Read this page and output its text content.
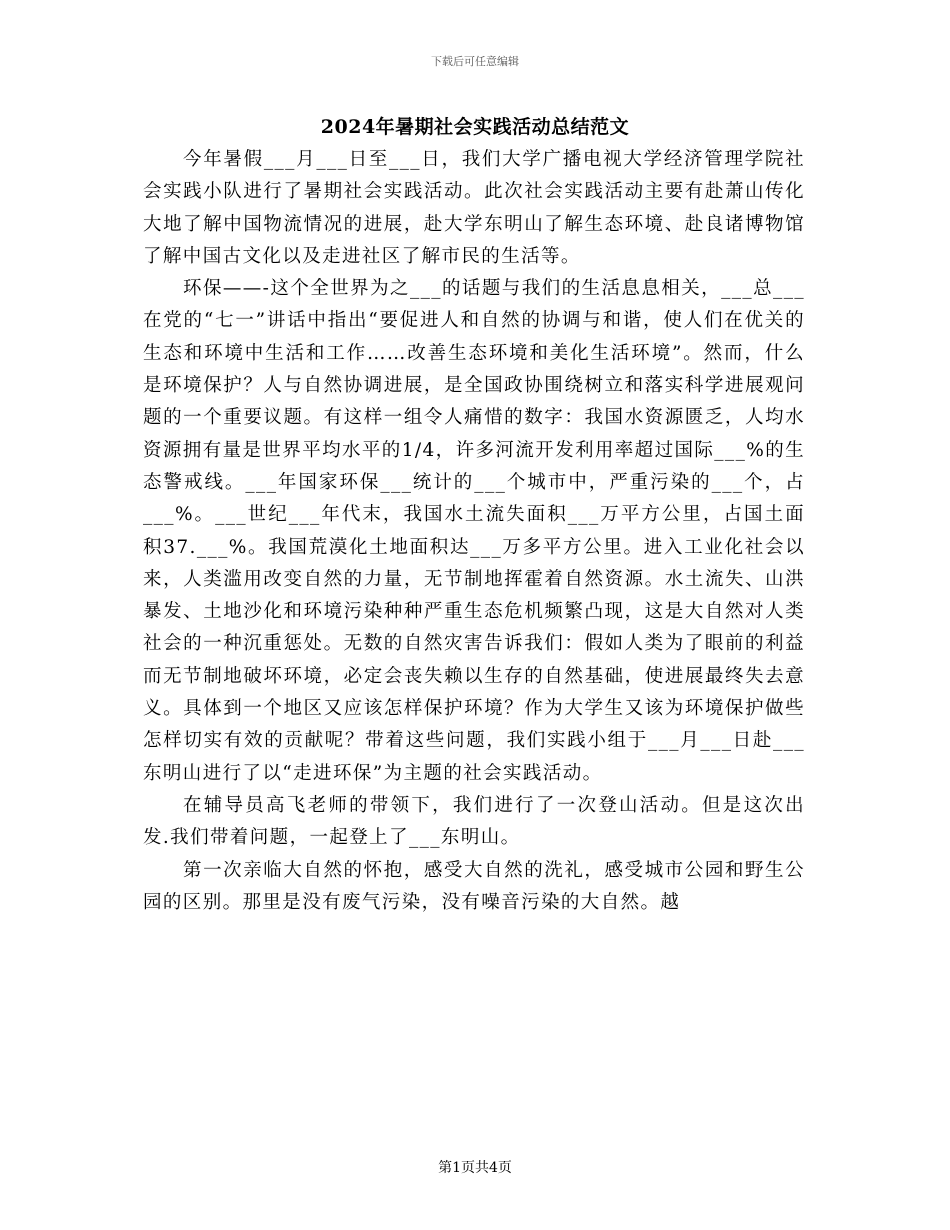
下载后可任意编辑
2024年暑期社会实践活动总结范文

今年暑假___月___日至___日，我们大学广播电视大学经济管理学院社会实践小队进行了暑期社会实践活动。此次社会实践活动主要有赴萧山传化大地了解中国物流情况的进展，赴大学东明山了解生态环境、赴良诸博物馆了解中国古文化以及走进社区了解市民的生活等。

环保——-这个全世界为之___的话题与我们的生活息息相关，___总___在党的“七一”讲话中指出“要促进人和自然的协调与和谐，使人们在优关的生态和环境中生活和工作……改善生态环境和美化生活环境”。然而，什么是环境保护？人与自然协调进展，是全国政协围绕树立和落实科学进展观问题的一个重要议题。有这样一组令人痛惜的数字：我国水资源匮乏，人均水资源拥有量是世界平均水平的1/4，许多河流开发利用率超过国际___%的生态警戒线。___年国家环保___统计的___个城市中，严重污染的___个，占___%。___世纪___年代末，我国水土流失面积___万平方公里，占国土面积37.___%。我国荒漠化土地面积达___万多平方公里。进入工业化社会以来，人类滥用改变自然的力量，无节制地挥霍着自然资源。水土流失、山洪暴发、土地沙化和环境污染种种严重生态危机频繁凸现，这是大自然对人类社会的一种沉重惩处。无数的自然灾害告诉我们：假如人类为了眼前的利益而无节制地破坏环境，必定会丧失赖以生存的自然基础，使进展最终失去意义。具体到一个地区又应该怎样保护环境？作为大学生又该为环境保护做些怎样切实有效的贡献呢？带着这些问题，我们实践小组于___月___日赴___东明山进行了以“走进环保”为主题的社会实践活动。

在辅导员高飞老师的带领下，我们进行了一次登山活动。但是这次出发.我们带着问题，一起登上了___东明山。

第一次亲临大自然的怀抱，感受大自然的洗礼，感受城市公园和野生公园的区别。那里是没有废气污染，没有噪音污染的大自然。越

第1页共4页
